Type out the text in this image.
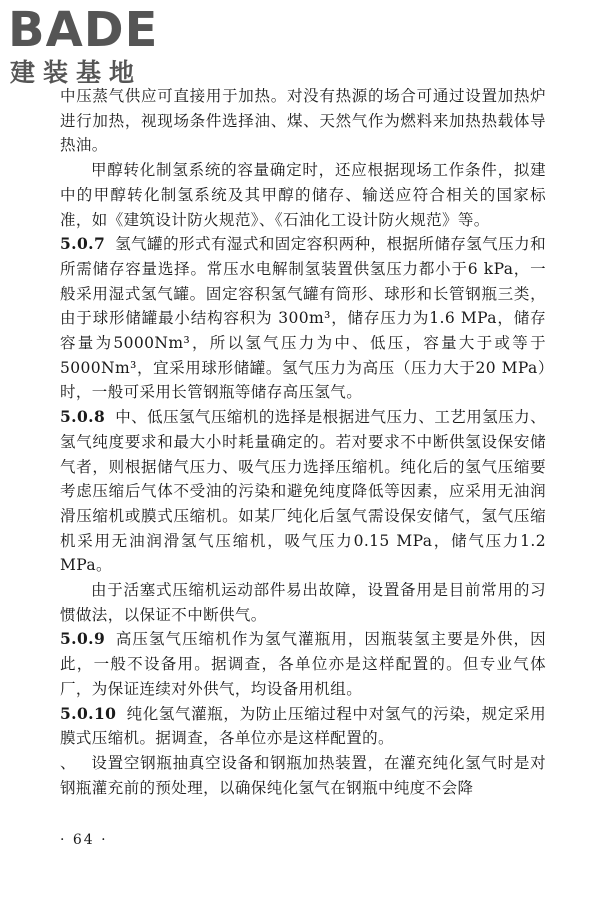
BADE
建装基地

中压蒸气供应可直接用于加热。对没有热源的场合可通过设置加热炉进行加热，视现场条件选择油、煤、天然气作为燃料来加热热载体导热油。

甲醇转化制氢系统的容量确定时，还应根据现场工作条件，拟建中的甲醇转化制氢系统及其甲醇的储存、输送应符合相关的国家标准，如《建筑设计防火规范》、《石油化工设计防火规范》等。

5.0.7 氢气罐的形式有湿式和固定容积两种，根据所储存氢气压力和所需储存容量选择。常压水电解制氢装置供氢压力都小于6 kPa，一般采用湿式氢气罐。固定容积氢气罐有筒形、球形和长管钢瓶三类，由于球形储罐最小结构容积为 300m³，储存压力为1.6 MPa，储存容量为5000Nm³，所以氢气压力为中、低压，容量大于或等于5000Nm³，宜采用球形储罐。氢气压力为高压（压力大于20 MPa）时，一般可采用长管钢瓶等储存高压氢气。

5.0.8 中、低压氢气压缩机的选择是根据进气压力、工艺用氢压力、氢气纯度要求和最大小时耗量确定的。若对要求不中断供氢设保安储气者，则根据储气压力、吸气压力选择压缩机。纯化后的氢气压缩要考虑压缩后气体不受油的污染和避免纯度降低等因素，应采用无油润滑压缩机或膜式压缩机。如某厂纯化后氢气需设保安储气，氢气压缩机采用无油润滑氢气压缩机，吸气压力0.15 MPa，储气压力1.2 MPa。

由于活塞式压缩机运动部件易出故障，设置备用是目前常用的习惯做法，以保证不中断供气。

5.0.9 高压氢气压缩机作为氢气灌瓶用，因瓶装氢主要是外供，因此，一般不设备用。据调查，各单位亦是这样配置的。但专业气体厂，为保证连续对外供气，均设备用机组。

5.0.10 纯化氢气灌瓶，为防止压缩过程中对氢气的污染，规定采用膜式压缩机。据调查，各单位亦是这样配置的。

、 设置空钢瓶抽真空设备和钢瓶加热装置，在灌充纯化氢气时是对钢瓶灌充前的预处理，以确保纯化氢气在钢瓶中纯度不会降

· 64 ·
